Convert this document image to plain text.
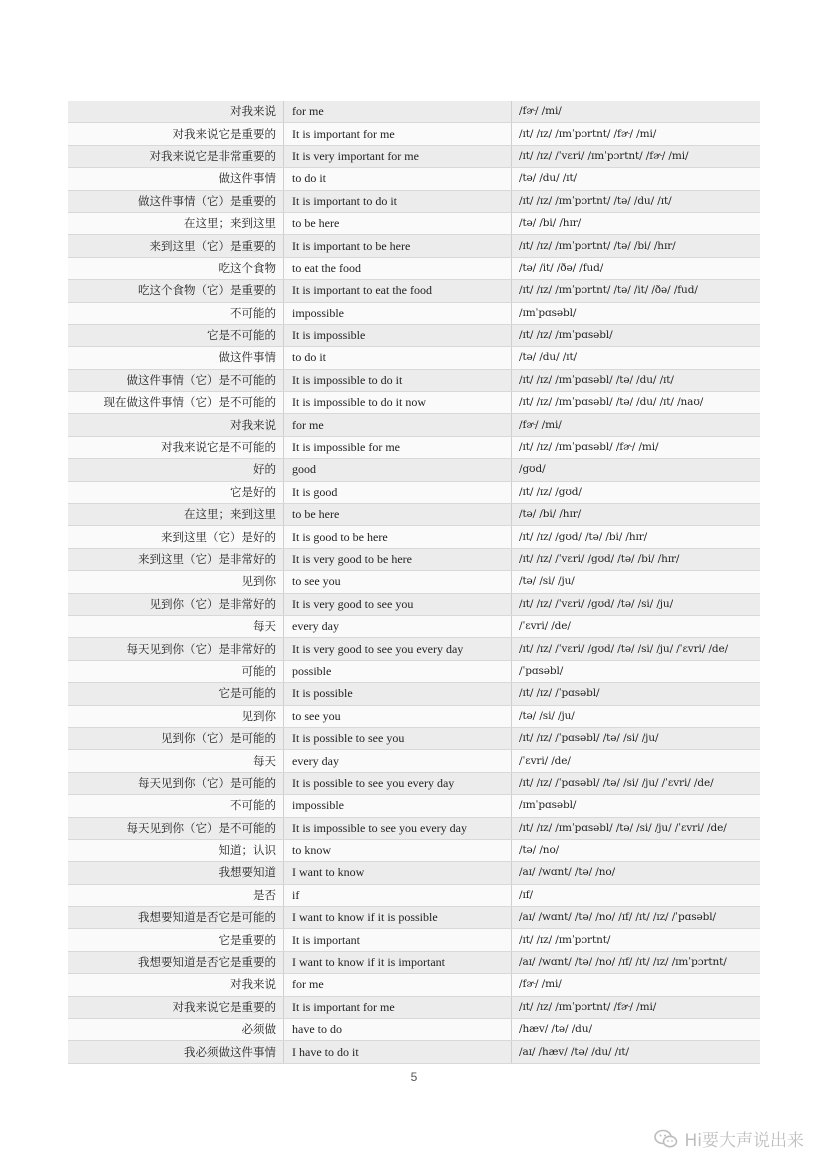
对我来说	for me	/fɚ/ /mi/
对我来说它是重要的	It is important for me	/ɪt/ /ɪz/ /ɪmˈpɔrtnt/ /fɚ/ /mi/
对我来说它是非常重要的	It is very important for me	/ɪt/ /ɪz/ /ˈvɛri/ /ɪmˈpɔrtnt/ /fɚ/ /mi/
做这件事情	to do it	/tə/ /du/ /ɪt/
做这件事情（它）是重要的	It is important to do it	/ɪt/ /ɪz/ /ɪmˈpɔrtnt/ /tə/ /du/ /ɪt/
在这里；来到这里	to be here	/tə/ /bi/ /hɪr/
来到这里（它）是重要的	It is important to be here	/ɪt/ /ɪz/ /ɪmˈpɔrtnt/ /tə/ /bi/ /hɪr/
吃这个食物	to eat the food	/tə/ /it/ /ðə/ /fud/
吃这个食物（它）是重要的	It is important to eat the food	/ɪt/ /ɪz/ /ɪmˈpɔrtnt/ /tə/ /it/ /ðə/ /fud/
不可能的	impossible	/ɪmˈpɑsəbl/
它是不可能的	It is impossible	/ɪt/ /ɪz/ /ɪmˈpɑsəbl/
做这件事情	to do it	/tə/ /du/ /ɪt/
做这件事情（它）是不可能的	It is impossible to do it	/ɪt/ /ɪz/ /ɪmˈpɑsəbl/ /tə/ /du/ /ɪt/
现在做这件事情（它）是不可能的	It is impossible to do it now	/ɪt/ /ɪz/ /ɪmˈpɑsəbl/ /tə/ /du/ /ɪt/ /naʊ/
对我来说	for me	/fɚ/ /mi/
对我来说它是不可能的	It is impossible for me	/ɪt/ /ɪz/ /ɪmˈpɑsəbl/ /fɚ/ /mi/
好的	good	/gʊd/
它是好的	It is good	/ɪt/ /ɪz/ /gʊd/
在这里；来到这里	to be here	/tə/ /bi/ /hɪr/
来到这里（它）是好的	It is good to be here	/ɪt/ /ɪz/ /gʊd/ /tə/ /bi/ /hɪr/
来到这里（它）是非常好的	It is very good to be here	/ɪt/ /ɪz/ /ˈvɛri/ /gʊd/ /tə/ /bi/ /hɪr/
见到你	to see you	/tə/ /si/ /ju/
见到你（它）是非常好的	It is very good to see you	/ɪt/ /ɪz/ /ˈvɛri/ /gʊd/ /tə/ /si/ /ju/
每天	every day	/ˈɛvri/ /de/
每天见到你（它）是非常好的	It is very good to see you every day	/ɪt/ /ɪz/ /ˈvɛri/ /gʊd/ /tə/ /si/ /ju/ /ˈɛvri/ /de/
可能的	possible	/ˈpɑsəbl/
它是可能的	It is possible	/ɪt/ /ɪz/ /ˈpɑsəbl/
见到你	to see you	/tə/ /si/ /ju/
见到你（它）是可能的	It is possible to see you	/ɪt/ /ɪz/ /ˈpɑsəbl/ /tə/ /si/ /ju/
每天	every day	/ˈɛvri/ /de/
每天见到你（它）是可能的	It is possible to see you every day	/ɪt/ /ɪz/ /ˈpɑsəbl/ /tə/ /si/ /ju/ /ˈɛvri/ /de/
不可能的	impossible	/ɪmˈpɑsəbl/
每天见到你（它）是不可能的	It is impossible to see you every day	/ɪt/ /ɪz/ /ɪmˈpɑsəbl/ /tə/ /si/ /ju/ /ˈɛvri/ /de/
知道；认识	to know	/tə/ /no/
我想要知道	I want to know	/aɪ/ /wɑnt/ /tə/ /no/
是否	if	/ɪf/
我想要知道是否它是可能的	I want to know if it is possible	/aɪ/ /wɑnt/ /tə/ /no/ /ɪf/ /ɪt/ /ɪz/ /ˈpɑsəbl/
它是重要的	It is important	/ɪt/ /ɪz/ /ɪmˈpɔrtnt/
我想要知道是否它是重要的	I want to know if it is important	/aɪ/ /wɑnt/ /tə/ /no/ /ɪf/ /ɪt/ /ɪz/ /ɪmˈpɔrtnt/
对我来说	for me	/fɚ/ /mi/
对我来说它是重要的	It is important for me	/ɪt/ /ɪz/ /ɪmˈpɔrtnt/ /fɚ/ /mi/
必须做	have to do	/hæv/ /tə/ /du/
我必须做这件事情	I have to do it	/aɪ/ /hæv/ /tə/ /du/ /ɪt/
5
Hi要大声说出来
